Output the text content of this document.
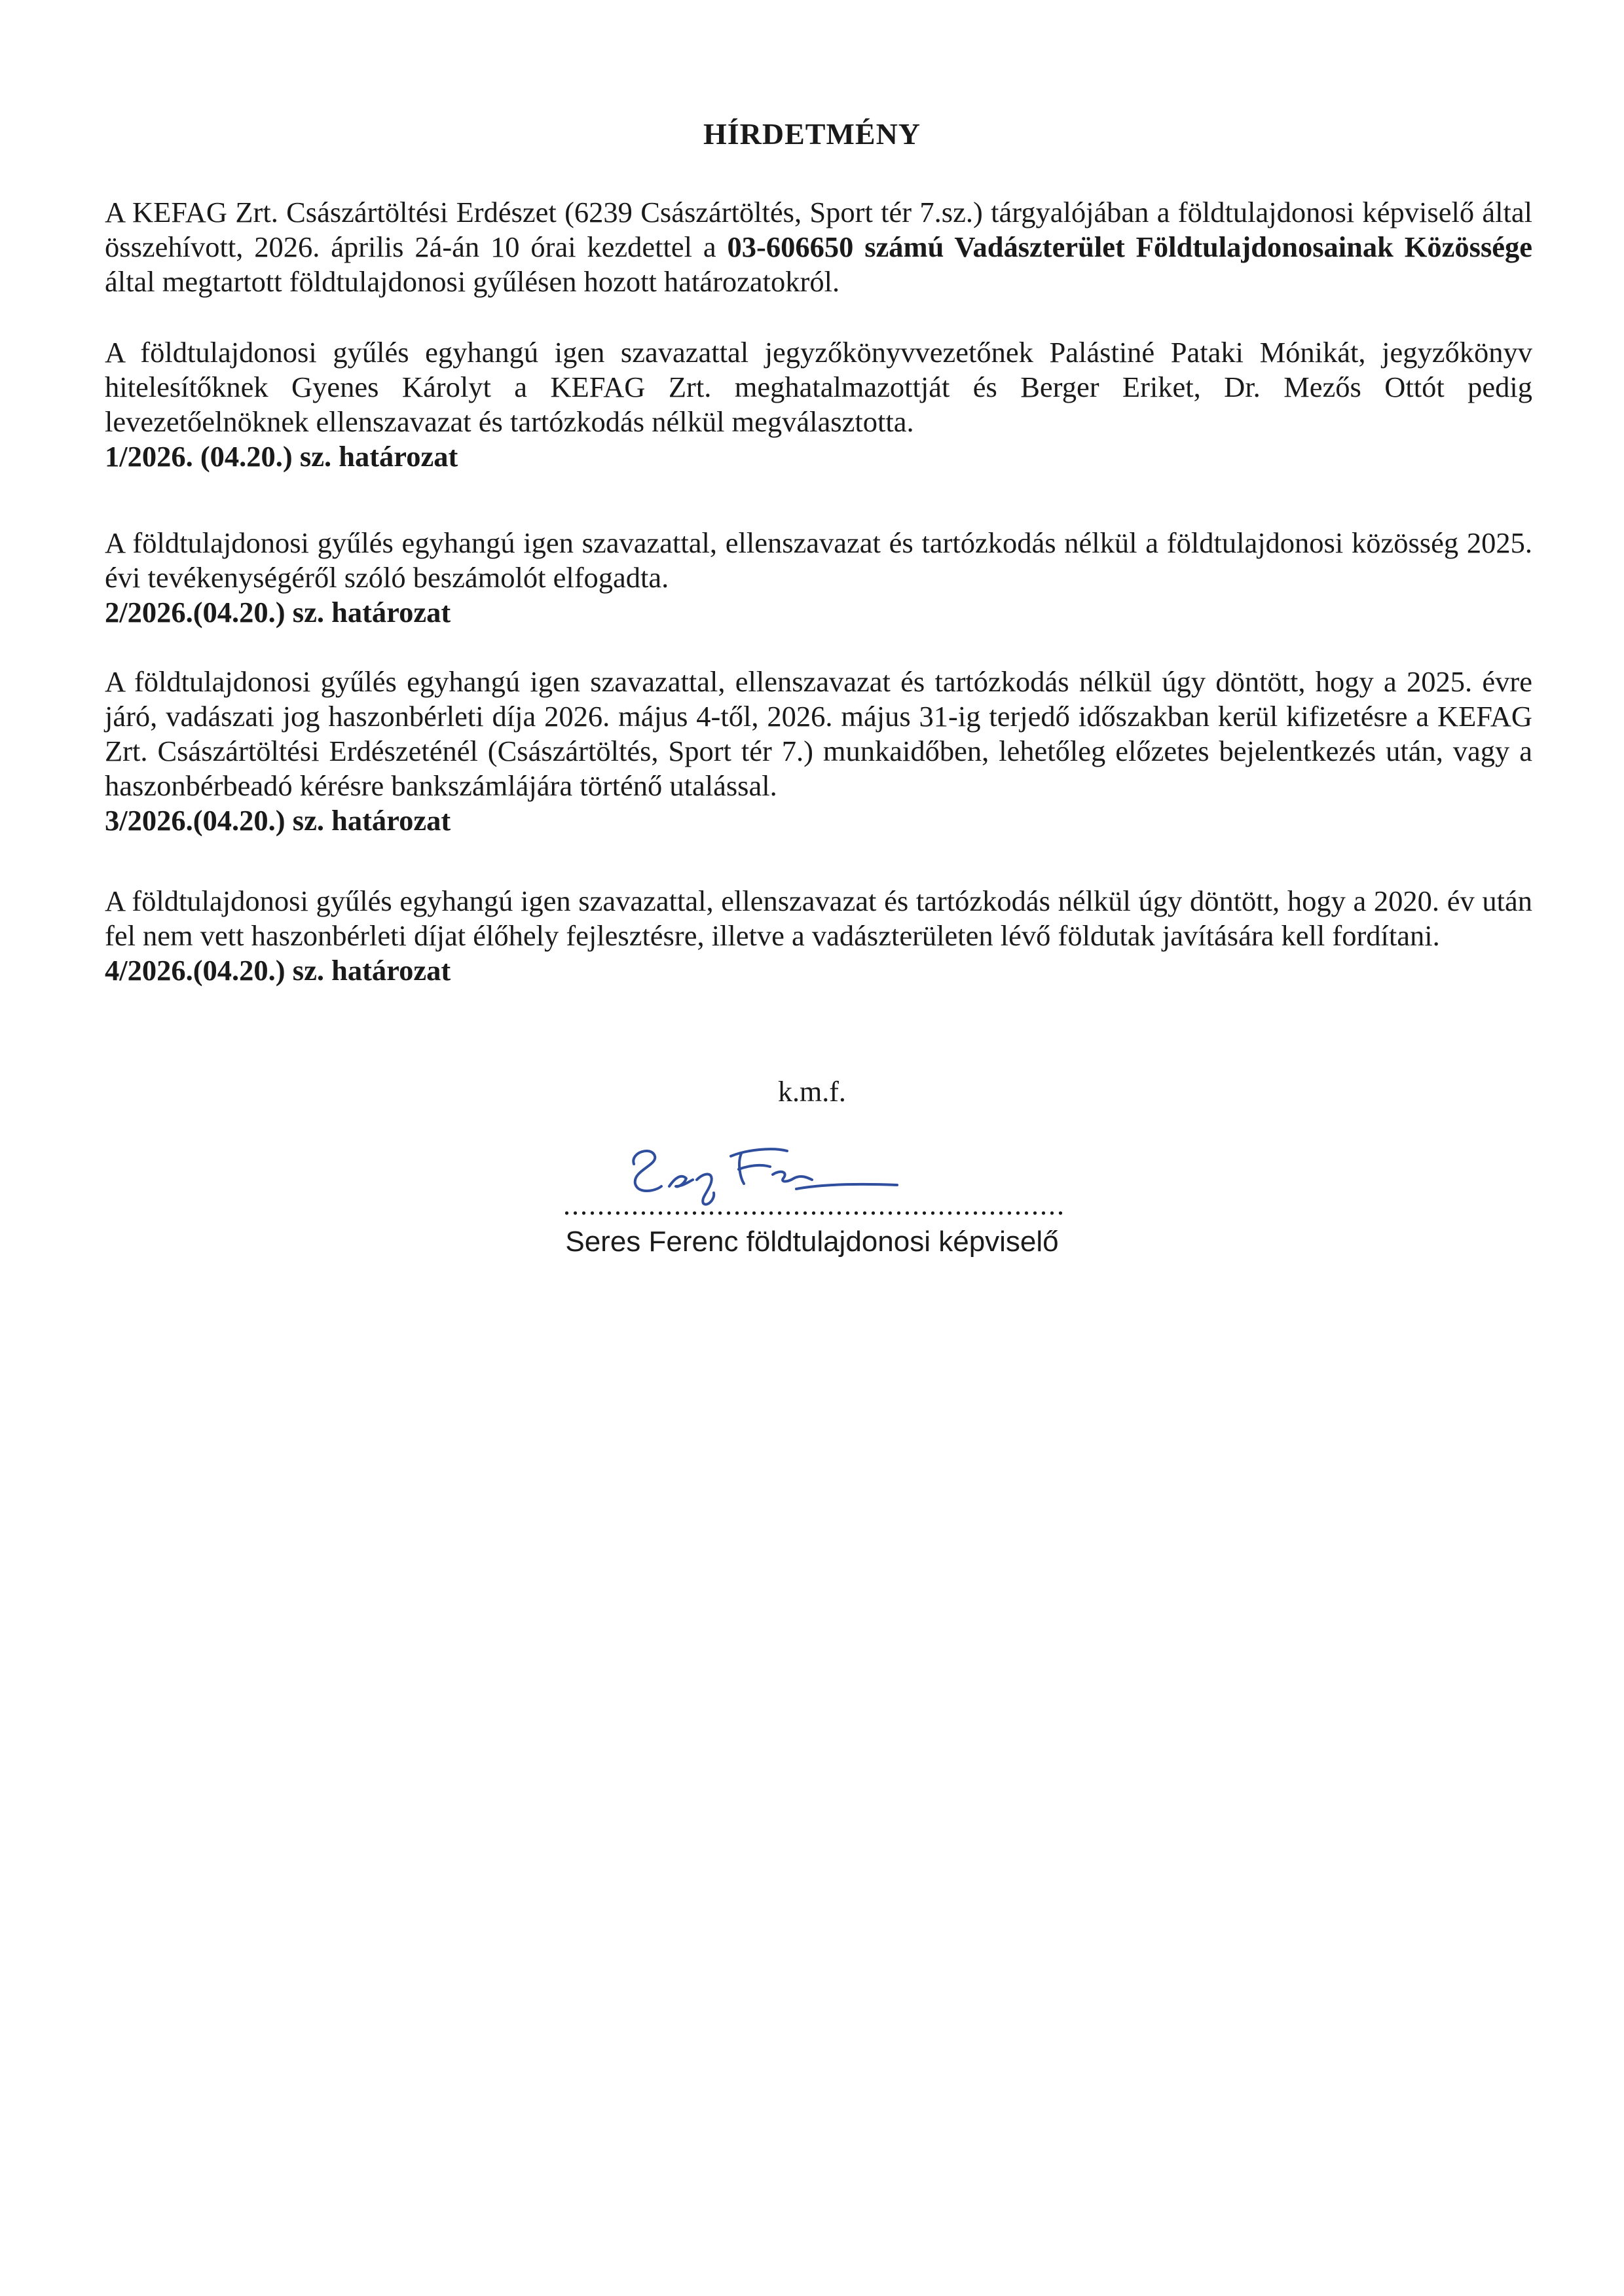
HÍRDETMÉNY

A KEFAG Zrt. Császártöltési Erdészet (6239 Császártöltés, Sport tér 7.sz.) tárgyalójában a földtulajdonosi képviselő által összehívott, 2026. április 2á-án 10 órai kezdettel a 03-606650 számú Vadászterület Földtulajdonosainak Közössége által megtartott földtulajdonosi gyűlésen hozott határozatokról.

A földtulajdonosi gyűlés egyhangú igen szavazattal jegyzőkönyvvezetőnek Palástiné Pataki Mónikát, jegyzőkönyv hitelesítőknek Gyenes Károlyt a KEFAG Zrt. meghatalmazottját és Berger Eriket, Dr. Mezős Ottót pedig levezetőelnöknek ellenszavazat és tartózkodás nélkül megválasztotta.

1/2026. (04.20.) sz. határozat

A földtulajdonosi gyűlés egyhangú igen szavazattal, ellenszavazat és tartózkodás nélkül a földtulajdonosi közösség 2025. évi tevékenységéről szóló beszámolót elfogadta.

2/2026.(04.20.) sz. határozat

A földtulajdonosi gyűlés egyhangú igen szavazattal, ellenszavazat és tartózkodás nélkül úgy döntött, hogy a 2025. évre járó, vadászati jog haszonbérleti díja 2026. május 4-től, 2026. május 31-ig terjedő időszakban kerül kifizetésre a KEFAG Zrt. Császártöltési Erdészeténél (Császártöltés, Sport tér 7.) munkaidőben, lehetőleg előzetes bejelentkezés után, vagy a haszonbérbeadó kérésre bankszámlájára történő utalással.

3/2026.(04.20.) sz. határozat

A földtulajdonosi gyűlés egyhangú igen szavazattal, ellenszavazat és tartózkodás nélkül úgy döntött, hogy a 2020. év után fel nem vett haszonbérleti díjat élőhely fejlesztésre, illetve a vadászterületen lévő földutak javítására kell fordítani.

4/2026.(04.20.) sz. határozat
k.m.f.
...........................................................
Seres Ferenc földtulajdonosi képviselő
